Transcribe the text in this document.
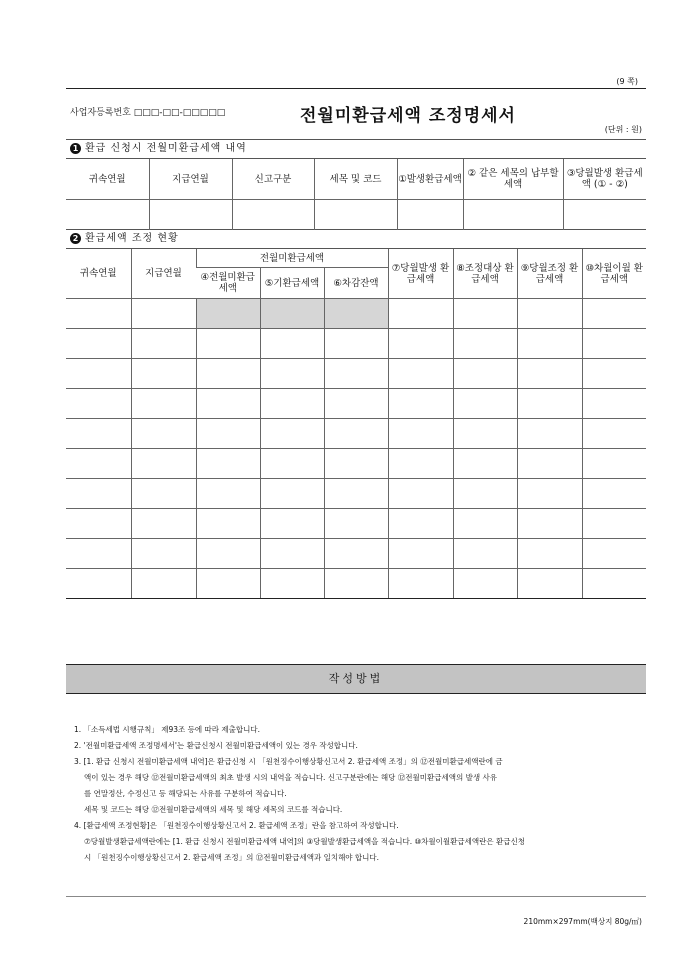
(9 쪽)
사업자등록번호 □□□-□□-□□□□□	전월미환급세액 조정명세서
(단위 : 원)
1 환급 신청시 전월미환급세액 내역
귀속연월	지급연월	신고구분	세목 및 코드	①발생환급세액	② 같은 세목의 납부할세액	③당월발생 환급세액 (① - ②)

2 환급세액 조정 현황
귀속연월	지급연월	전월미환급세액			⑦당월발생 환급세액	⑧조정대상 환급세액	⑨당월조정 환급세액	⑩차월이월 환급세액
		④전월미환급세액	⑤기환급세액	⑥차감잔액				

작성방법

1. 「소득세법 시행규칙」 제93조 등에 따라 제출합니다.

2. '전월미환급세액 조정명세서'는 환급신청시 전월미환급세액이 있는 경우 작성합니다.

3. [1. 환급 신청시 전월미환급세액 내역]은 환급신청 시 「원천징수이행상황신고서 2. 환급세액 조정」의 ⑫전월미환급세액란에 금

액이 있는 경우 해당 ⑫전월미환급세액의 최초 발생 시의 내역을 적습니다. 신고구분란에는 해당 ⑫전월미환급세액의 발생 사유

를 연말정산, 수정신고 등 해당되는 사유를 구분하여 적습니다.

세목 및 코드는 해당 ⑫전월미환급세액의 세목 및 해당 세목의 코드를 적습니다.

4. [환급세액 조정현황]은 「원천징수이행상황신고서 2. 환급세액 조정」란을 참고하여 작성합니다.

⑦당월발생환급세액란에는 [1. 환급 신청시 전월미환급세액 내역]의 ③당월발생환급세액을 적습니다. ⑩차월이월환급세액란은 환급신청

시 「원천징수이행상황신고서 2. 환급세액 조정」의 ⑫전월미환급세액과 일치해야 합니다.

210mm×297mm(백상지 80g/㎡)
